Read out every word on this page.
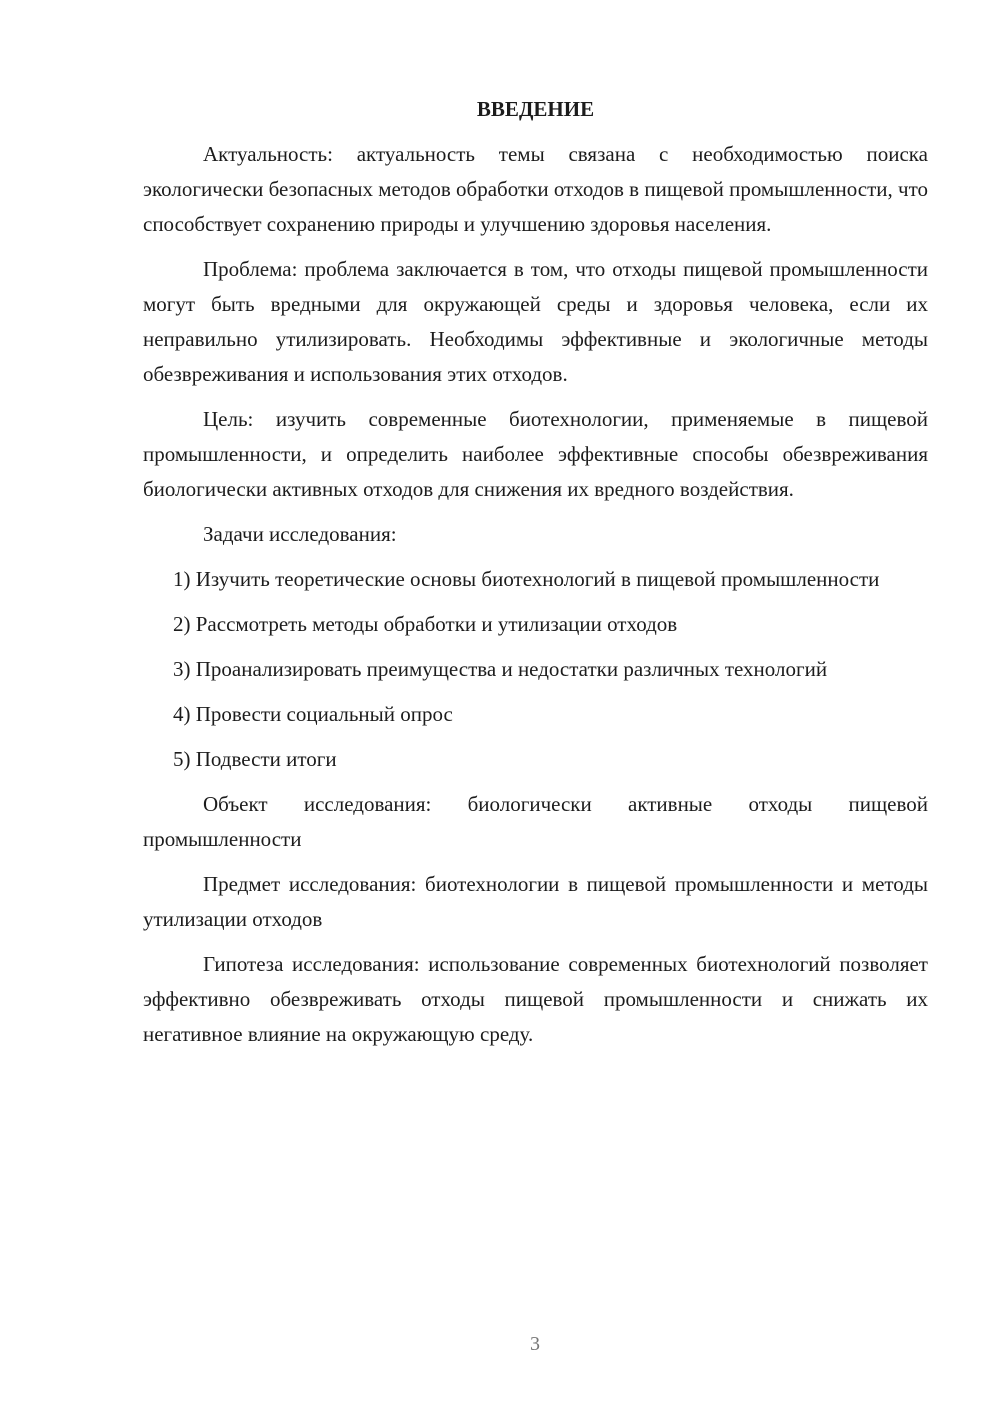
ВВЕДЕНИЕ

Актуальность: актуальность темы связана с необходимостью поиска экологически безопасных методов обработки отходов в пищевой промышленности, что способствует сохранению природы и улучшению здоровья населения.

Проблема: проблема заключается в том, что отходы пищевой промышленности могут быть вредными для окружающей среды и здоровья человека, если их неправильно утилизировать. Необходимы эффективные и экологичные методы обезвреживания и использования этих отходов.

Цель: изучить современные биотехнологии, применяемые в пищевой промышленности, и определить наиболее эффективные способы обезвреживания биологически активных отходов для снижения их вредного воздействия.

Задачи исследования:

1) Изучить теоретические основы биотехнологий в пищевой промышленности

2) Рассмотреть методы обработки и утилизации отходов

3) Проанализировать преимущества и недостатки различных технологий

4) Провести социальный опрос

5) Подвести итоги

Объект исследования: биологически активные отходы пищевой промышленности

Предмет исследования: биотехнологии в пищевой промышленности и методы утилизации отходов

Гипотеза исследования: использование современных биотехнологий позволяет эффективно обезвреживать отходы пищевой промышленности и снижать их негативное влияние на окружающую среду.

3
